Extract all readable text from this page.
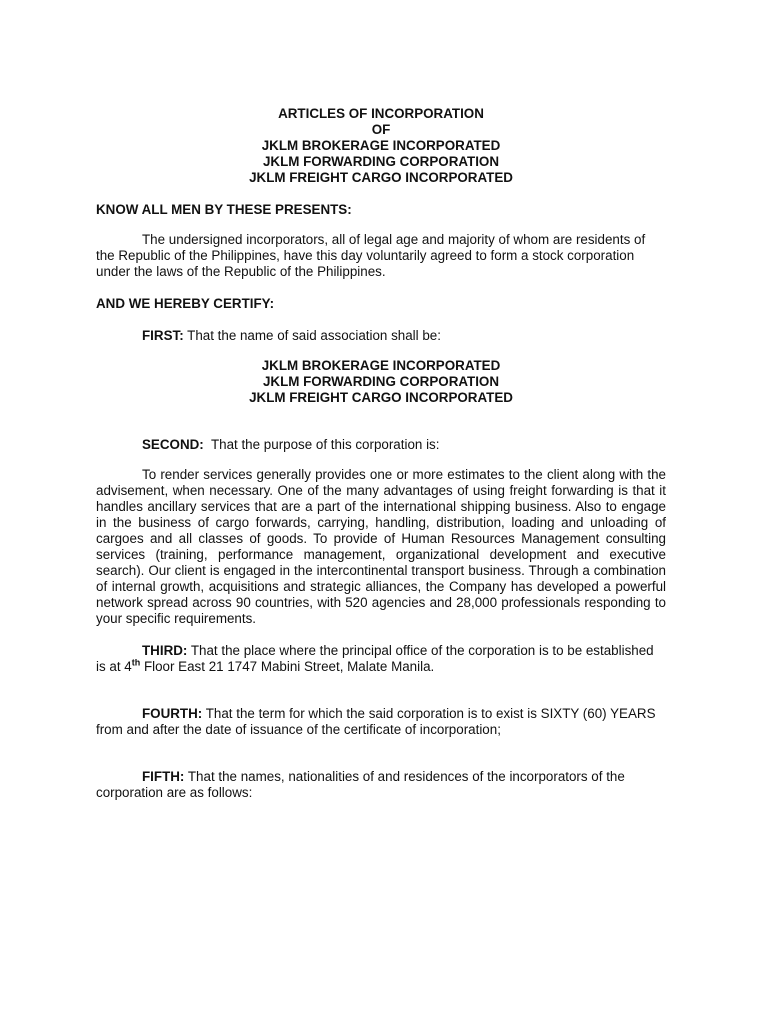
ARTICLES OF INCORPORATION
OF
JKLM BROKERAGE INCORPORATED
JKLM FORWARDING CORPORATION
JKLM FREIGHT CARGO INCORPORATED

KNOW ALL MEN BY THESE PRESENTS:

The undersigned incorporators, all of legal age and majority of whom are residents of the Republic of the Philippines, have this day voluntarily agreed to form a stock corporation under the laws of the Republic of the Philippines.

AND WE HEREBY CERTIFY:

FIRST: That the name of said association shall be:

JKLM BROKERAGE INCORPORATED
JKLM FORWARDING CORPORATION
JKLM FREIGHT CARGO INCORPORATED

SECOND:  That the purpose of this corporation is:

To render services generally provides one or more estimates to the client along with the advisement, when necessary. One of the many advantages of using freight forwarding is that it handles ancillary services that are a part of the international shipping business. Also to engage in the business of cargo forwards, carrying, handling, distribution, loading and unloading of cargoes and all classes of goods. To provide of Human Resources Management consulting services (training, performance management, organizational development and executive search). Our client is engaged in the intercontinental transport business. Through a combination of internal growth, acquisitions and strategic alliances, the Company has developed a powerful network spread across 90 countries, with 520 agencies and 28,000 professionals responding to your specific requirements.

THIRD: That the place where the principal office of the corporation is to be established is at 4th Floor East 21 1747 Mabini Street, Malate Manila.

FOURTH: That the term for which the said corporation is to exist is SIXTY (60) YEARS from and after the date of issuance of the certificate of incorporation;

FIFTH: That the names, nationalities of and residences of the incorporators of the corporation are as follows:
